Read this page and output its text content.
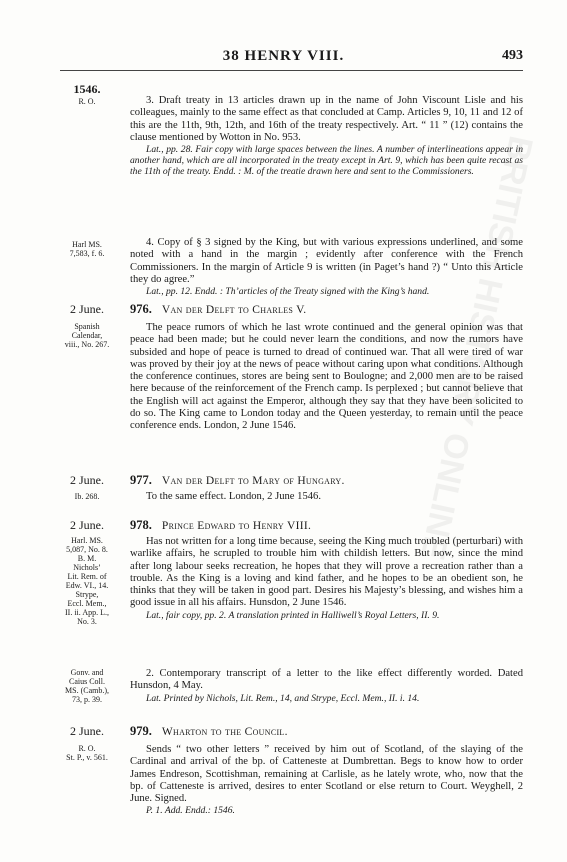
BRITISH HISTORY ONLINE
38 HENRY VIII.	493
1546.
R. O.	3. Draft treaty in 13 articles drawn up in the name of John Viscount Lisle and his colleagues, mainly to the same effect as that concluded at Camp. Articles 9, 10, 11 and 12 of this are the 11th, 9th, 12th, and 16th of the treaty respectively. Art. “ 11 ” (12) contains the clause mentioned by Wotton in No. 953.

Lat., pp. 28. Fair copy with large spaces between the lines. A number of interlineations appear in another hand, which are all incorporated in the treaty except in Art. 9, which has been quite recast as the 11th of the treaty. Endd. : M. of the treatie drawn here and sent to the Commissioners.

Harl MS.
7,583, f. 6.

4. Copy of § 3 signed by the King, but with various expressions underlined, and some noted with a hand in the margin ; evidently after conference with the French Commissioners. In the margin of Article 9 is written (in Paget’s hand ?) “ Unto this Article they do agree.”

Lat., pp. 12. Endd. : Th’articles of the Treaty signed with the King’s hand.

2 June.	976. Van der Delft to Charles V.
Spanish
Calendar,
viii., No. 267.

The peace rumors of which he last wrote continued and the general opinion was that peace had been made; but he could never learn the conditions, and now the rumors have subsided and hope of peace is turned to dread of continued war. That all were tired of war was proved by their joy at the news of peace without caring upon what conditions. Although the conference continues, stores are being sent to Boulogne; and 2,000 men are to be raised here because of the reinforcement of the French camp. Is perplexed ; but cannot believe that the English will act against the Emperor, although they say that they have been solicited to do so. The King came to London today and the Queen yesterday, to remain until the peace conference ends. London, 2 June 1546.

2 June.	977. Van der Delft to Mary of Hungary.
Ib. 268.	To the same effect. London, 2 June 1546.

2 June.	978. Prince Edward to Henry VIII.
Harl. MS.
5,087, No. 8.
B. M.
Nichols’
Lit. Rem. of
Edw. VI., 14.
Strype,
Eccl. Mem.,
II. ii. App. L.,
No. 3.

Has not written for a long time because, seeing the King much troubled (perturbari) with warlike affairs, he scrupled to trouble him with childish letters. But now, since the mind after long labour seeks recreation, he hopes that they will prove a recreation rather than a trouble. As the King is a loving and kind father, and he hopes to be an obedient son, he thinks that they will be taken in good part. Desires his Majesty’s blessing, and wishes him a good issue in all his affairs. Hunsdon, 2 June 1546.

Lat., fair copy, pp. 2. A translation printed in Halliwell’s Royal Letters, II. 9.

Gonv. and
Caius Coll.
MS. (Camb.),
73, p. 39.

2. Contemporary transcript of a letter to the like effect differently worded. Dated Hunsdon, 4 May.

Lat. Printed by Nichols, Lit. Rem., 14, and Strype, Eccl. Mem., II. i. 14.

2 June.	979. Wharton to the Council.
R. O.
St. P., v. 561.

Sends “ two other letters ” received by him out of Scotland, of the slaying of the Cardinal and arrival of the bp. of Catteneste at Dumbrettan. Begs to know how to order James Endreson, Scottishman, remaining at Carlisle, as he lately wrote, who, now that the bp. of Catteneste is arrived, desires to enter Scotland or else return to Court. Weyghell, 2 June. Signed.

P. 1. Add. Endd.: 1546.
